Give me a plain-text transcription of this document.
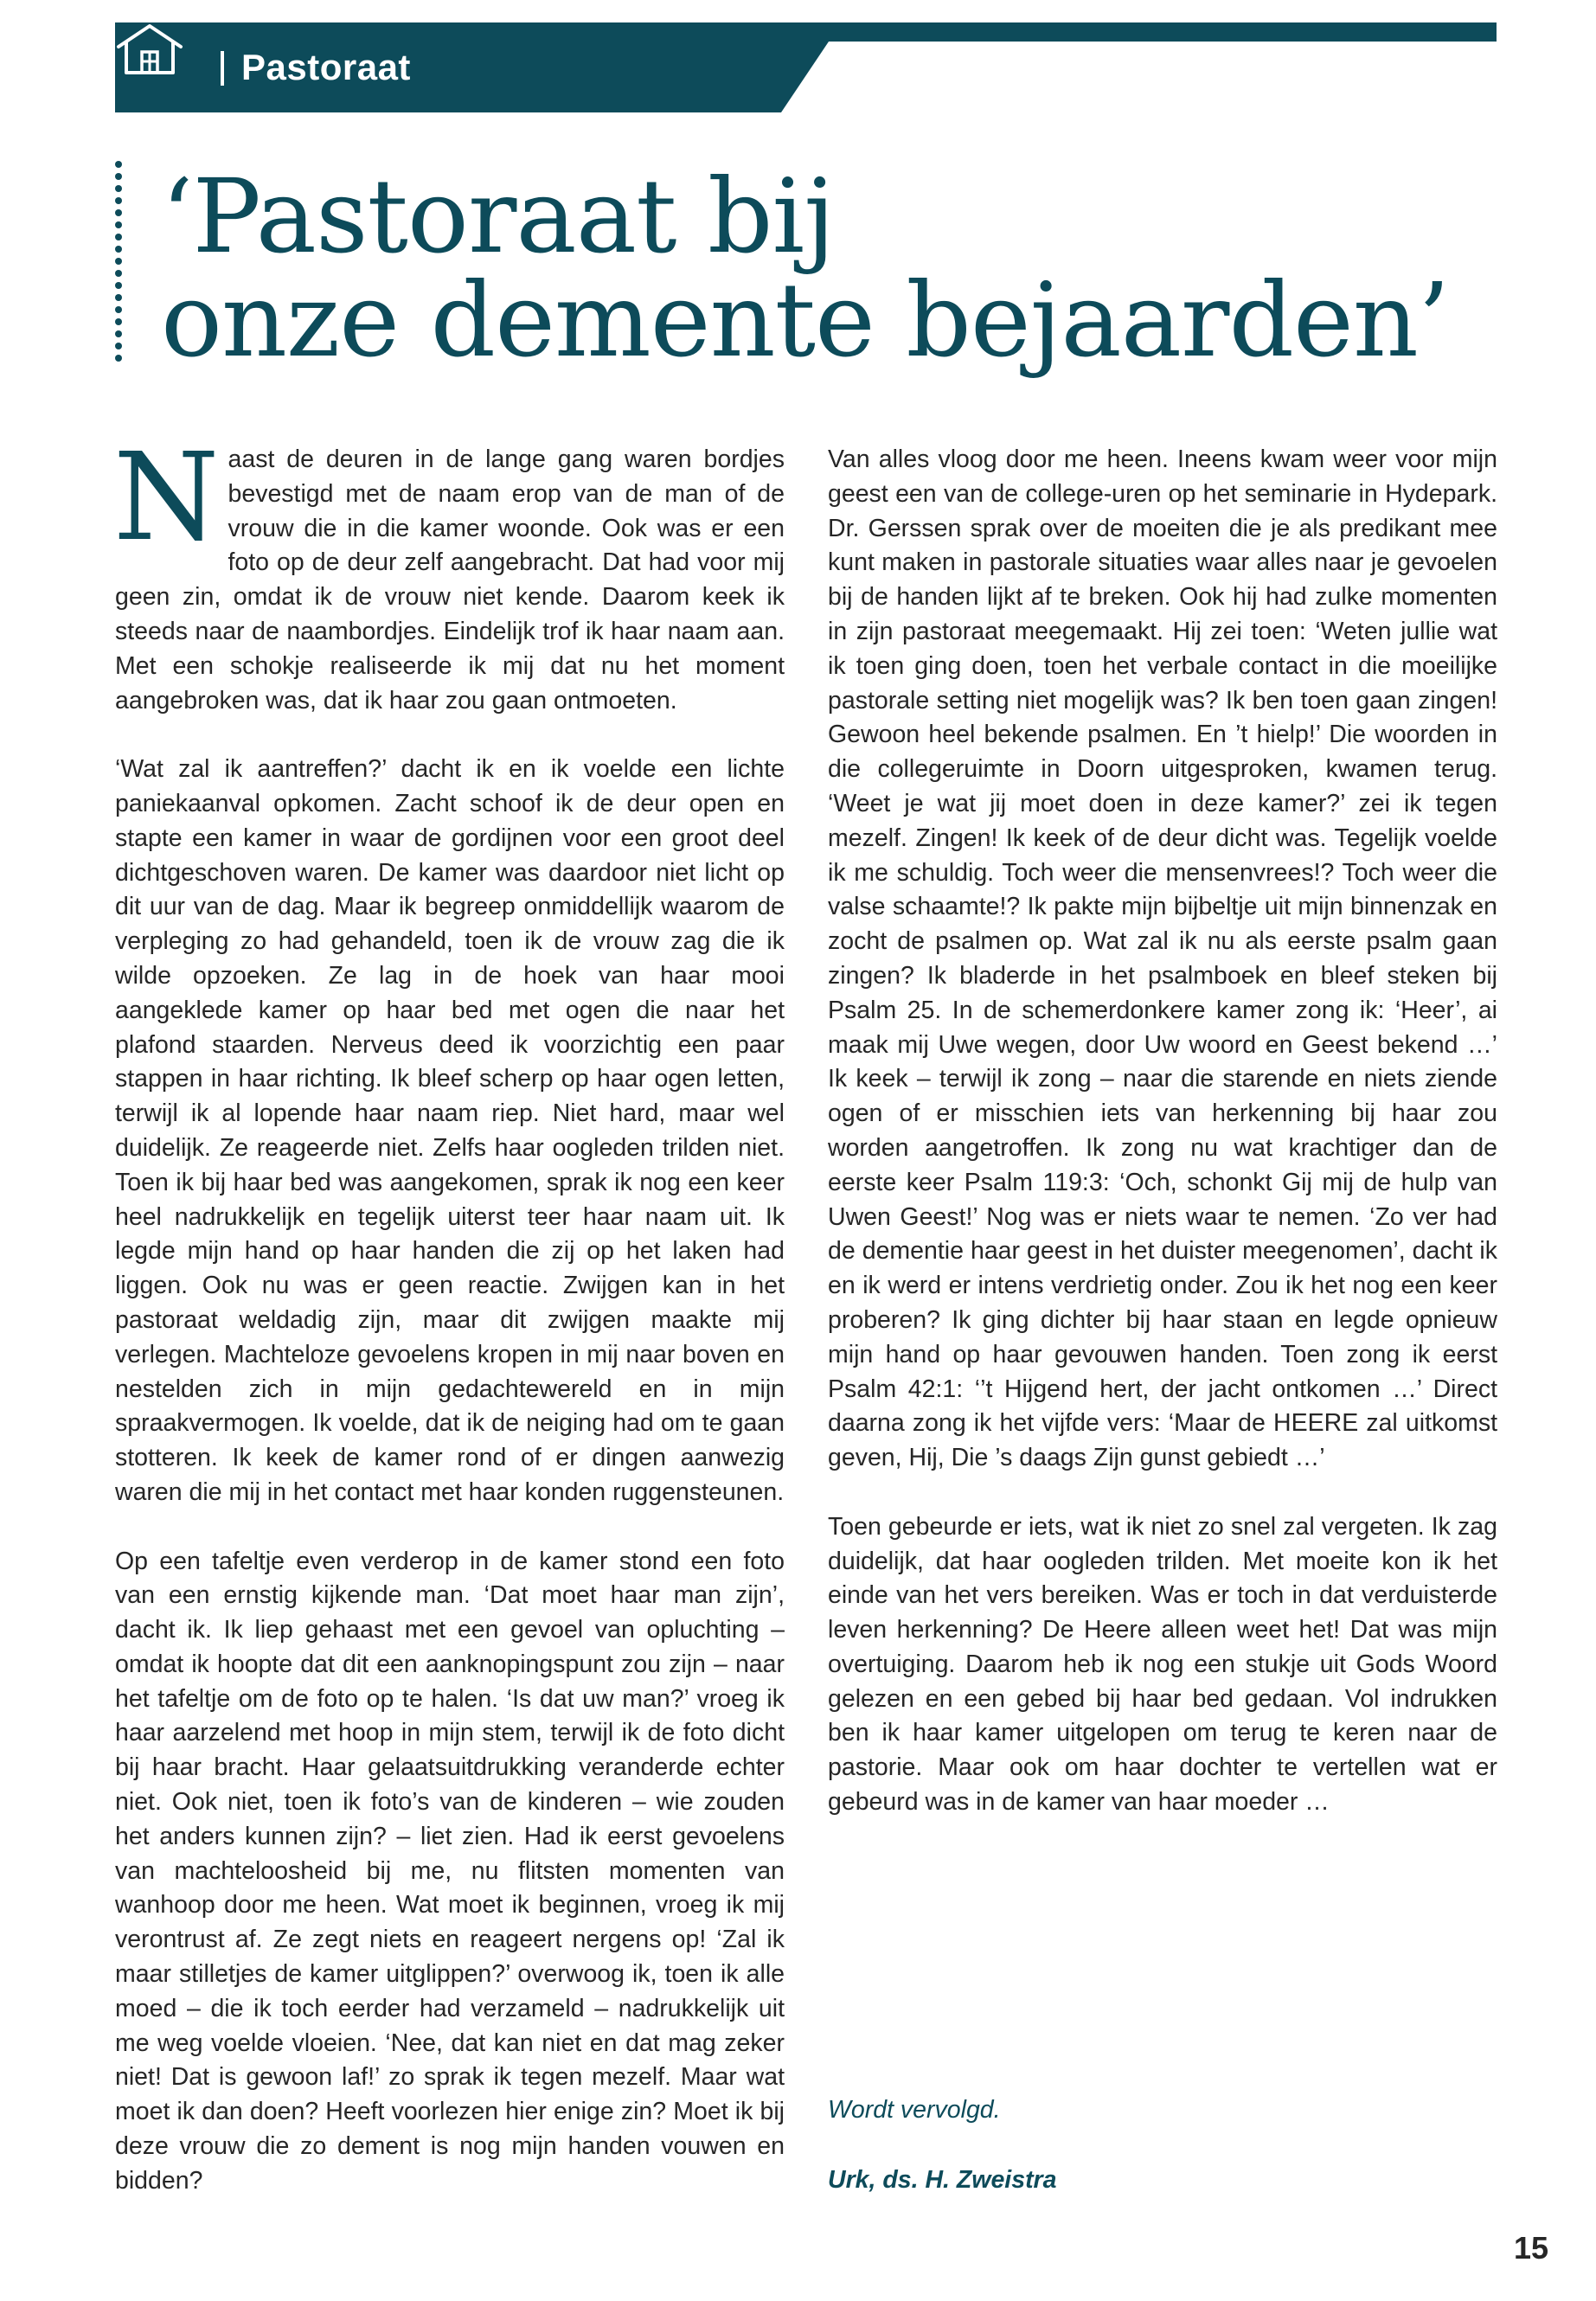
Pastoraat
‘Pastoraat bij
onze demente bejaarden’

Naast de deuren in de lange gang waren bordjes bevestigd met de naam erop van de man of de vrouw die in die kamer woonde. Ook was er een foto op de deur zelf aangebracht. Dat had voor mij geen zin, omdat ik de vrouw niet kende. Daarom keek ik steeds naar de naambordjes. Eindelijk trof ik haar naam aan. Met een schokje realiseerde ik mij dat nu het moment aangebroken was, dat ik haar zou gaan ontmoeten.

‘Wat zal ik aantreffen?’ dacht ik en ik voelde een lichte paniekaanval opkomen. Zacht schoof ik de deur open en stapte een kamer in waar de gordijnen voor een groot deel dichtgeschoven waren. De kamer was daardoor niet licht op dit uur van de dag. Maar ik begreep onmiddellijk waarom de verpleging zo had gehandeld, toen ik de vrouw zag die ik wilde opzoeken. Ze lag in de hoek van haar mooi aangeklede kamer op haar bed met ogen die naar het plafond staarden. Nerveus deed ik voorzichtig een paar stappen in haar richting. Ik bleef scherp op haar ogen letten, terwijl ik al lopende haar naam riep. Niet hard, maar wel duidelijk. Ze reageerde niet. Zelfs haar oogleden trilden niet. Toen ik bij haar bed was aangekomen, sprak ik nog een keer heel nadrukkelijk en tegelijk uiterst teer haar naam uit. Ik legde mijn hand op haar handen die zij op het laken had liggen. Ook nu was er geen reactie. Zwijgen kan in het pastoraat weldadig zijn, maar dit zwijgen maakte mij verlegen. Machteloze gevoelens kropen in mij naar boven en nestelden zich in mijn gedachtewereld en in mijn spraakvermogen. Ik voelde, dat ik de neiging had om te gaan stotteren. Ik keek de kamer rond of er dingen aanwezig waren die mij in het contact met haar konden ruggensteunen.

Op een tafeltje even verderop in de kamer stond een foto van een ernstig kijkende man. ‘Dat moet haar man zijn’, dacht ik. Ik liep gehaast met een gevoel van opluchting – omdat ik hoopte dat dit een aanknopingspunt zou zijn – naar het tafeltje om de foto op te halen. ‘Is dat uw man?’ vroeg ik haar aarzelend met hoop in mijn stem, terwijl ik de foto dicht bij haar bracht. Haar gelaatsuitdrukking veranderde echter niet. Ook niet, toen ik foto’s van de kinderen – wie zouden het anders kunnen zijn? – liet zien. Had ik eerst gevoelens van machteloosheid bij me, nu flitsten momenten van wanhoop door me heen. Wat moet ik beginnen, vroeg ik mij verontrust af. Ze zegt niets en reageert nergens op! ‘Zal ik maar stilletjes de kamer uitglippen?’ overwoog ik, toen ik alle moed – die ik toch eerder had verzameld – nadrukkelijk uit me weg voelde vloeien. ‘Nee, dat kan niet en dat mag zeker niet! Dat is gewoon laf!’ zo sprak ik tegen mezelf. Maar wat moet ik dan doen? Heeft voorlezen hier enige zin? Moet ik bij deze vrouw die zo dement is nog mijn handen vouwen en bidden?

Van alles vloog door me heen. Ineens kwam weer voor mijn geest een van de college-uren op het seminarie in Hydepark. Dr. Gerssen sprak over de moeiten die je als predikant mee kunt maken in pastorale situaties waar alles naar je gevoelen bij de handen lijkt af te breken. Ook hij had zulke momenten in zijn pastoraat meegemaakt. Hij zei toen: ‘Weten jullie wat ik toen ging doen, toen het verbale contact in die moeilijke pastorale setting niet mogelijk was? Ik ben toen gaan zingen! Gewoon heel bekende psalmen. En ’t hielp!’ Die woorden in die collegeruimte in Doorn uitgesproken, kwamen terug. ‘Weet je wat jij moet doen in deze kamer?’ zei ik tegen mezelf. Zingen! Ik keek of de deur dicht was. Tegelijk voelde ik me schuldig. Toch weer die mensenvrees!? Toch weer die valse schaamte!? Ik pakte mijn bijbeltje uit mijn binnenzak en zocht de psalmen op. Wat zal ik nu als eerste psalm gaan zingen? Ik bladerde in het psalmboek en bleef steken bij Psalm 25. In de schemerdonkere kamer zong ik: ‘Heer’, ai maak mij Uwe wegen, door Uw woord en Geest bekend …’ Ik keek – terwijl ik zong – naar die starende en niets ziende ogen of er misschien iets van herkenning bij haar zou worden aangetroffen. Ik zong nu wat krachtiger dan de eerste keer Psalm 119:3: ‘Och, schonkt Gij mij de hulp van Uwen Geest!’ Nog was er niets waar te nemen. ‘Zo ver had de dementie haar geest in het duister meegenomen’, dacht ik en ik werd er intens verdrietig onder. Zou ik het nog een keer proberen? Ik ging dichter bij haar staan en legde opnieuw mijn hand op haar gevouwen handen. Toen zong ik eerst Psalm 42:1: ‘’t Hijgend hert, der jacht ontkomen …’ Direct daarna zong ik het vijfde vers: ‘Maar de HEERE zal uitkomst geven, Hij, Die ’s daags Zijn gunst gebiedt …’

Toen gebeurde er iets, wat ik niet zo snel zal vergeten. Ik zag duidelijk, dat haar oogleden trilden. Met moeite kon ik het einde van het vers bereiken. Was er toch in dat verduisterde leven herkenning? De Heere alleen weet het! Dat was mijn overtuiging. Daarom heb ik nog een stukje uit Gods Woord gelezen en een gebed bij haar bed gedaan. Vol indrukken ben ik haar kamer uitgelopen om terug te keren naar de pastorie. Maar ook om haar dochter te vertellen wat er gebeurd was in de kamer van haar moeder …

Wordt vervolgd.

Urk, ds. H. Zweistra

15
